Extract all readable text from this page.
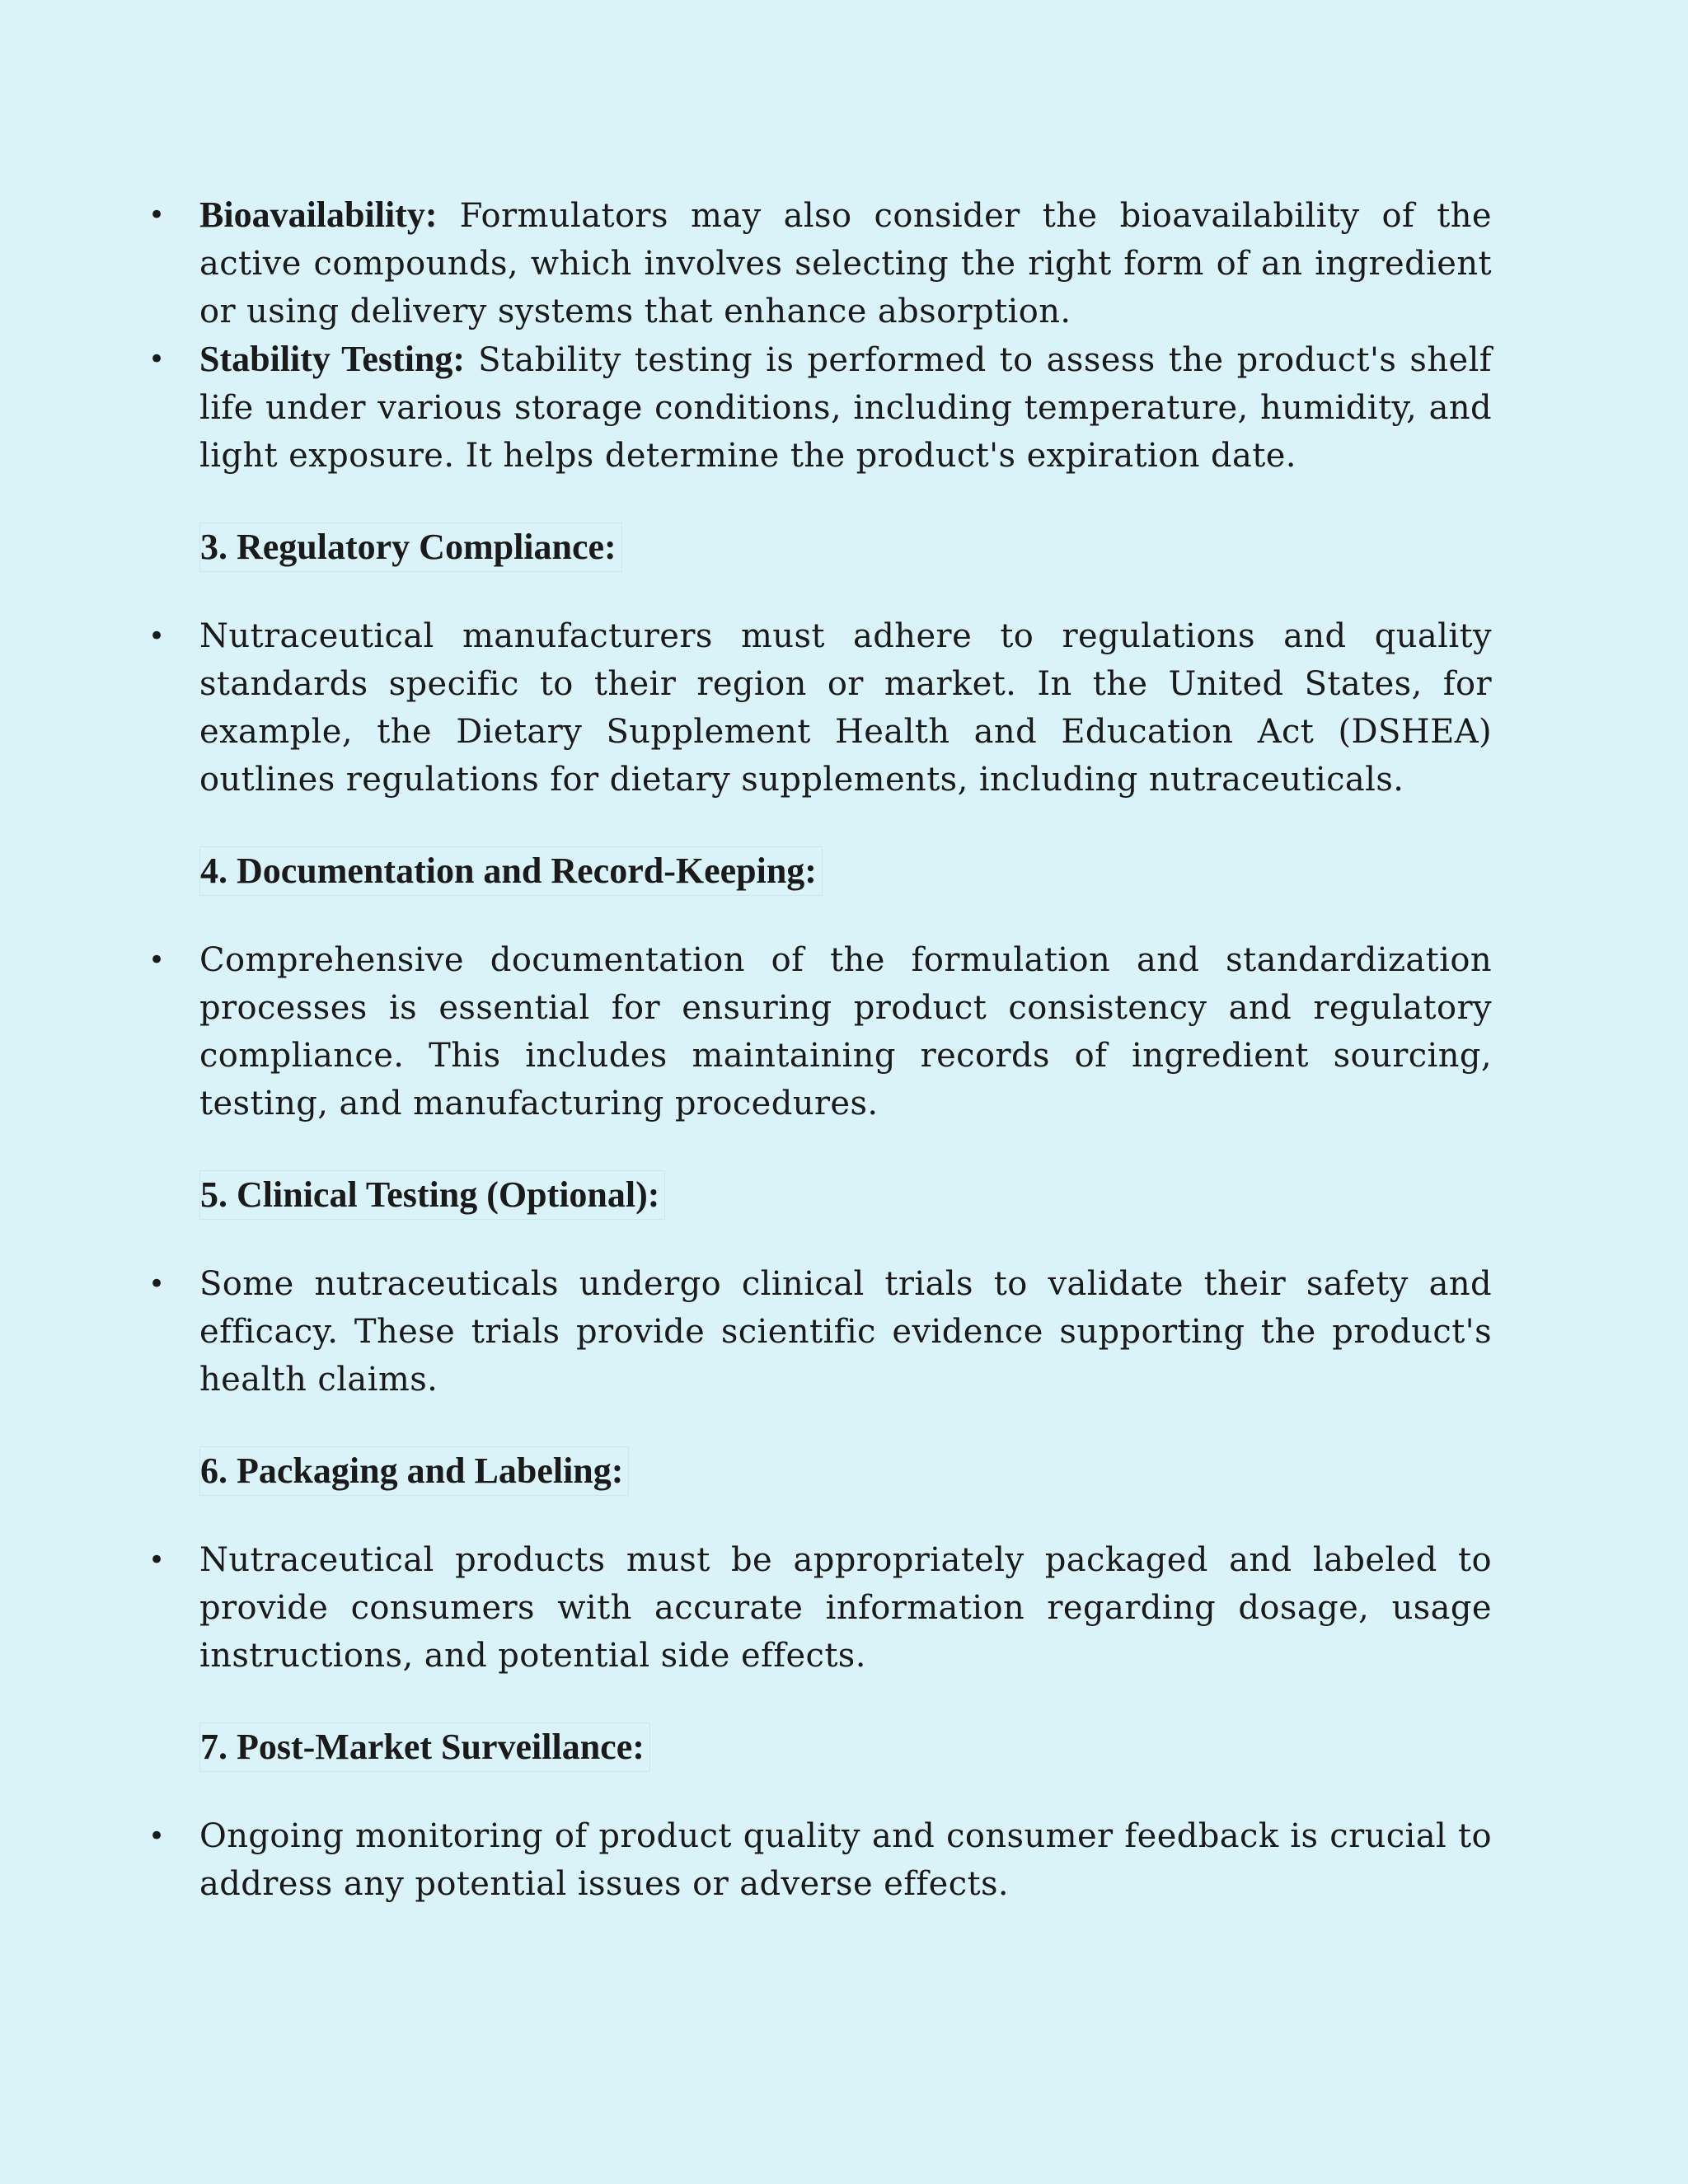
• Bioavailability: Formulators may also consider the bioavailability of the active compounds, which involves selecting the right form of an ingredient or using delivery systems that enhance absorption.
• Stability Testing: Stability testing is performed to assess the product's shelf life under various storage conditions, including temperature, humidity, and light exposure. It helps determine the product's expiration date.
3. Regulatory Compliance:
• Nutraceutical manufacturers must adhere to regulations and quality standards specific to their region or market. In the United States, for example, the Dietary Supplement Health and Education Act (DSHEA) outlines regulations for dietary supplements, including nutraceuticals.
4. Documentation and Record-Keeping:
• Comprehensive documentation of the formulation and standardization processes is essential for ensuring product consistency and regulatory compliance. This includes maintaining records of ingredient sourcing, testing, and manufacturing procedures.
5. Clinical Testing (Optional):
• Some nutraceuticals undergo clinical trials to validate their safety and efficacy. These trials provide scientific evidence supporting the product's health claims.
6. Packaging and Labeling:
• Nutraceutical products must be appropriately packaged and labeled to provide consumers with accurate information regarding dosage, usage instructions, and potential side effects.
7. Post-Market Surveillance:
• Ongoing monitoring of product quality and consumer feedback is crucial to address any potential issues or adverse effects.
